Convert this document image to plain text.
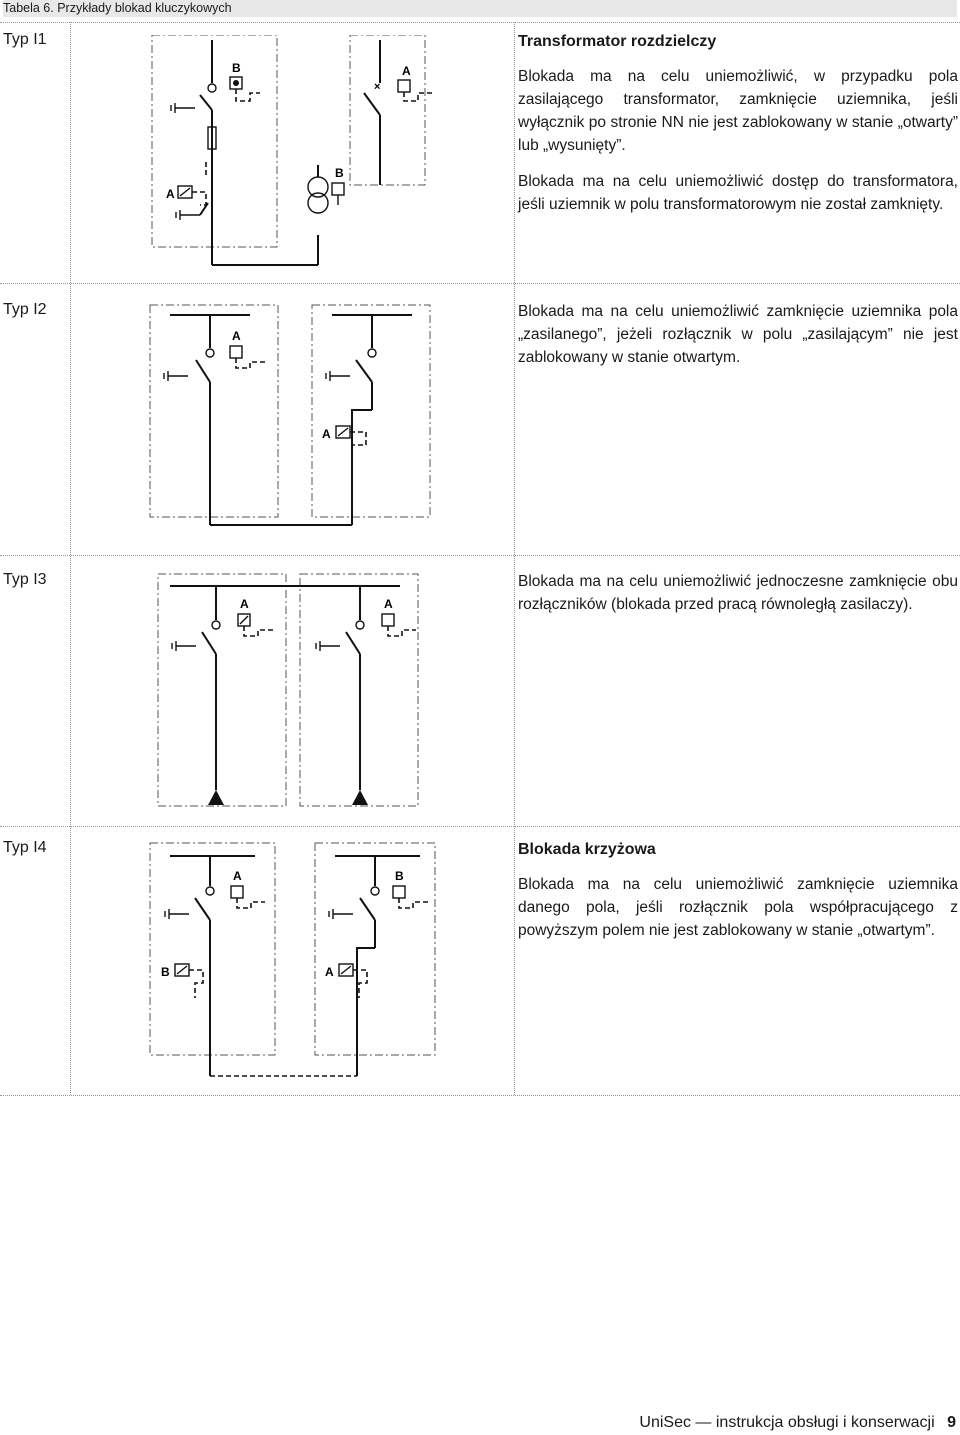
Tabela 6. Przykłady blokad kluczykowych
Typ I1
B
A
×
A
B
Transformator rozdzielczy

Blokada ma na celu uniemożliwić, w przypadku pola zasilającego transformator, zamknięcie uziemnika, jeśli wyłącznik po stronie NN nie jest zablokowany w stanie „otwarty” lub „wysunięty”.

Blokada ma na celu uniemożliwić dostęp do transformatora, jeśli uziemnik w polu transformatorowym nie został zamknięty.

Typ I2
A
A

Blokada ma na celu uniemożliwić zamknięcie uziemnika pola „zasilanego”, jeżeli rozłącznik w polu „zasilającym” nie jest zablokowany w stanie otwartym.

Typ I3
A	A

Blokada ma na celu uniemożliwić jednoczesne zamknięcie obu rozłączników (blokada przed pracą równoległą zasilaczy).

Typ I4
A
B
B
A
Blokada krzyżowa

Blokada ma na celu uniemożliwić zamknięcie uziemnika danego pola, jeśli rozłącznik pola współpracującego z powyższym polem nie jest zablokowany w stanie „otwartym”.

UniSec — instrukcja obsługi i konserwacji 9
